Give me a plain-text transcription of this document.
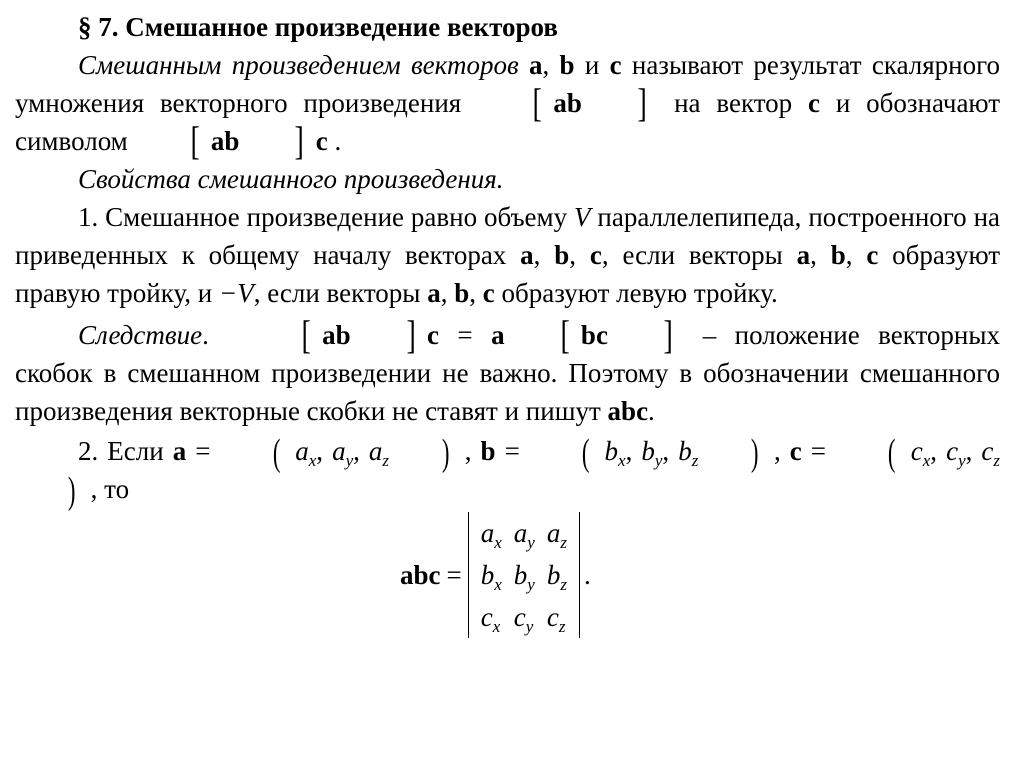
§ 7. Смешанное произведение векторов

Смешанным произведением векторов a, b и c называют результат скалярного умножения векторного произведения [ ab ] на вектор c и обозначают символом [ ab ] c .

Свойства смешанного произведения.

1. Смешанное произведение равно объему V параллелепипеда, построенного на приведенных к общему началу векторах a, b, c, если векторы a, b, c образуют правую тройку, и −V, если векторы a, b, c образуют левую тройку.

Следствие. [ ab ] c = a [ bc ] – положение векторных скобок в смешанном произведении не важно. Поэтому в обозначении смешанного произведения векторные скобки не ставят и пишут abc.

2. Если a = ( $a_x$, $a_y$, $a_z$ ) , b = ( $b_x$, $b_y$, $b_z$ ) , c = ( $c_x$, $c_y$, $c_z$) , то

abc =
$a_x$	$a_y$	$a_z$
$b_x$	$b_y$	$b_z$
$c_x$	$c_y$	$c_z$
.
